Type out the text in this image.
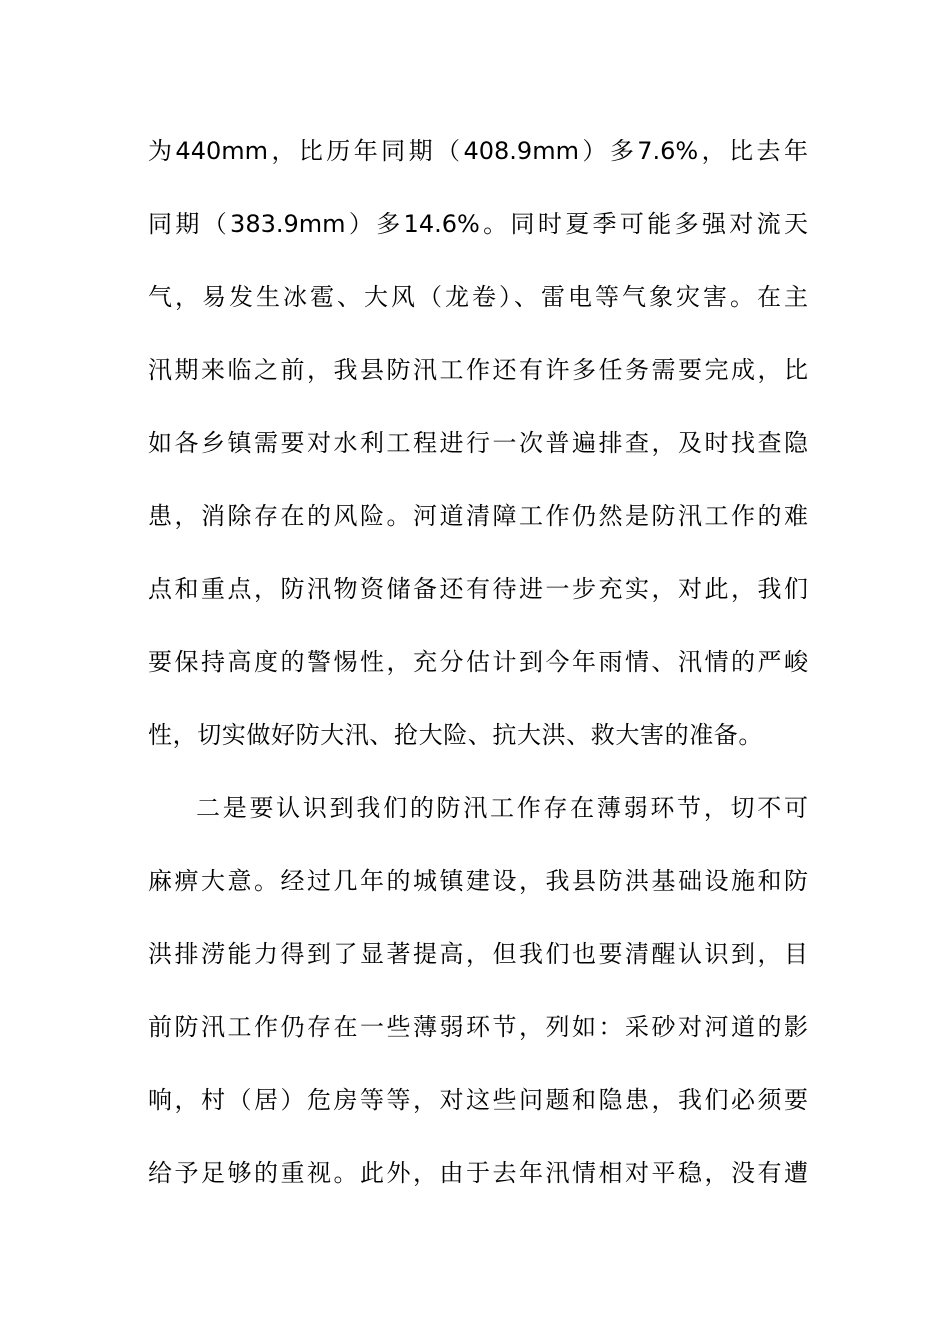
为440mm，比历年同期（408.9mm）多7.6%，比去年
同期（383.9mm）多14.6%。同时夏季可能多强对流天
气，易发生冰雹、大风（龙卷）、雷电等气象灾害。在主
汛期来临之前，我县防汛工作还有许多任务需要完成，比
如各乡镇需要对水利工程进行一次普遍排查，及时找查隐
患，消除存在的风险。河道清障工作仍然是防汛工作的难
点和重点，防汛物资储备还有待进一步充实，对此，我们
要保持高度的警惕性，充分估计到今年雨情、汛情的严峻
性，切实做好防大汛、抢大险、抗大洪、救大害的准备。
二是要认识到我们的防汛工作存在薄弱环节，切不可
麻痹大意。经过几年的城镇建设，我县防洪基础设施和防
洪排涝能力得到了显著提高，但我们也要清醒认识到，目
前防汛工作仍存在一些薄弱环节，列如：采砂对河道的影
响，村（居）危房等等，对这些问题和隐患，我们必须要
给予足够的重视。此外，由于去年汛情相对平稳，没有遭
